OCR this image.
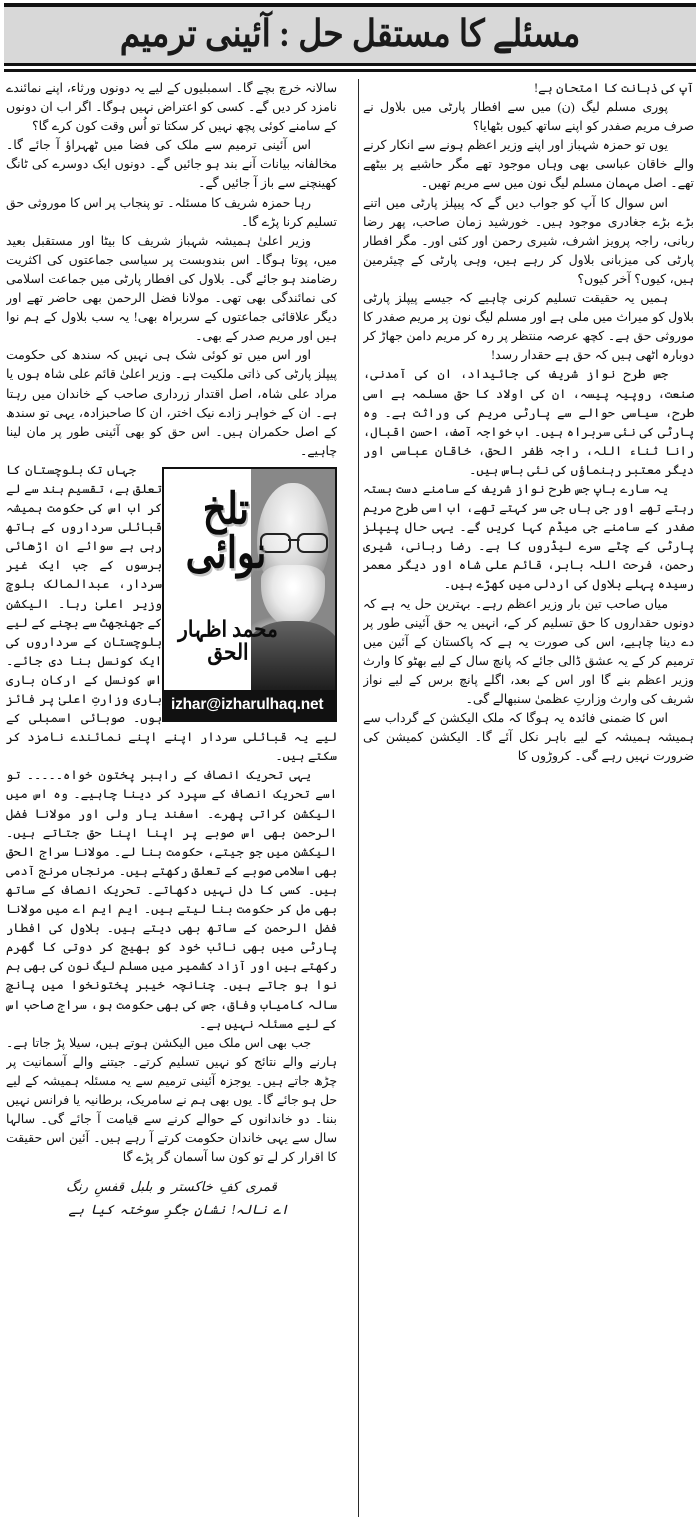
مسئلے کا مستقل حل : آئینی ترمیم

آپ کی ذہانت کا امتحان ہے!

پوری مسلم لیگ (ن) میں سے افطار پارٹی میں بلاول نے صرف مریم صفدر کو اپنے ساتھ کیوں بٹھایا؟

یوں تو حمزہ شہباز اور اپنے وزیر اعظم ہونے سے انکار کرنے والے خاقان عباسی بھی وہاں موجود تھے مگر حاشیے پر بیٹھے تھے۔ اصل مہمان مسلم لیگ نون میں سے مریم تھیں۔

اس سوال کا آپ کو جواب دیں گے کہ پیپلز پارٹی میں اتنے بڑے بڑے جغادری موجود ہیں۔ خورشید زمان صاحب، پھر رضا ربانی، راجہ پرویز اشرف، شیری رحمن اور کئی اور۔ مگر افطار پارٹی کی میزبانی بلاول کر رہے ہیں، وہی پارٹی کے چیئرمین ہیں، کیوں؟ آخر کیوں؟

ہمیں یہ حقیقت تسلیم کرنی چاہیے کہ جیسے پیپلز پارٹی بلاول کو میراث میں ملی ہے اور مسلم لیگ نون پر مریم صفدر کا موروثی حق ہے۔ کچھ عرصہ منتظر پر رہ کر مریم دامن جھاڑ کر دوبارہ اٹھی ہیں کہ حق ہے حقدار رسد!

جس طرح نواز شریف کی جائیداد، ان کی آمدنی، صنعت، روپیہ پیسہ، ان کی اولاد کا حق مسلمہ ہے اسی طرح، سیاسی حوالے سے پارٹی مریم کی وراثت ہے۔ وہ پارٹی کی نئی سربراہ ہیں۔ اب خواجہ آصف، احسن اقبال، رانا ثناء اللہ، راجہ ظفر الحق، خاقان عباسی اور دیگر معتبر رہنماؤں کی نئی باس ہیں۔

یہ سارے باپ جس طرح نواز شریف کے سامنے دست بستہ رہتے تھے اور جی ہاں جی سر کہتے تھے، اب اسی طرح مریم صفدر کے سامنے جی میڈم کہا کریں گے۔ یہی حال پیپلز پارٹی کے چٹے سرے لیڈروں کا ہے۔ رضا ربانی، شیری رحمن، فرحت اللہ بابر، قائم علی شاہ اور دیگر معمر رسیدہ پہلے بلاول کی اردلی میں کھڑے ہیں۔

میاں صاحب تین بار وزیر اعظم رہے۔ بہترین حل یہ ہے کہ دونوں حقداروں کا حق تسلیم کر کے، انہیں یہ حق آئینی طور پر دے دینا چاہیے، اس کی صورت یہ ہے کہ پاکستان کے آئین میں ترمیم کر کے یہ عشق ڈالی جائے کہ پانچ سال کے لیے بھٹو کا وارث وزیر اعظم بنے گا اور اس کے بعد، اگلے پانچ برس کے لیے نواز شریف کی وارث وزارتِ عظمیٰ سنبھالے گی۔

اس کا ضمنی فائدہ یہ ہوگا کہ ملک الیکشن کے گرداب سے ہمیشہ ہمیشہ کے لیے باہر نکل آئے گا۔ الیکشن کمیشن کی ضرورت نہیں رہے گی۔ کروڑوں کا

سالانہ خرچ بچے گا۔ اسمبلیوں کے لیے یہ دونوں ورثاء، اپنے نمائندے نامزد کر دیں گے۔ کسی کو اعتراض نہیں ہوگا۔ اگر اب ان دونوں کے سامنے کوئی پچھ نہیں کر سکتا تو اُس وقت کون کرے گا؟

اس آئینی ترمیم سے ملک کی فضا میں ٹھہراؤ آ جائے گا۔ مخالفانہ بیانات آنے بند ہو جائیں گے۔ دونوں ایک دوسرے کی ٹانگ کھینچنے سے باز آ جائیں گے۔

رہا حمزہ شریف کا مسئلہ۔ تو پنجاب پر اس کا موروثی حق تسلیم کرنا پڑے گا۔

وزیر اعلیٰ ہمیشہ شہباز شریف کا بیٹا اور مستقبل بعید میں، پوتا ہوگا۔ اس بندوبست پر سیاسی جماعتوں کی اکثریت رضامند ہو جائے گی۔ بلاول کی افطار پارٹی میں جماعت اسلامی کی نمائندگی بھی تھی۔ مولانا فضل الرحمن بھی حاضر تھے اور دیگر علاقائی جماعتوں کے سربراہ بھی! یہ سب بلاول کے ہم نوا ہیں اور مریم صدر کے بھی۔

اور اس میں تو کوئی شک ہی نہیں کہ سندھ کی حکومت پیپلز پارٹی کی ذاتی ملکیت ہے۔ وزیر اعلیٰ قائم علی شاہ ہوں یا مراد علی شاہ، اصل اقتدار زرداری صاحب کے خاندان میں رہتا ہے۔ ان کے خواہر زادے نیک اختر، ان کا صاحبزادہ، یہی تو سندھ کے اصل حکمران ہیں۔ اس حق کو بھی آئینی طور پر مان لینا چاہیے۔

تلخ نوائی
محمد اظہار الحق
izhar@izharulhaq.net

جہاں تک بلوچستان کا تعلق ہے، تقسیم ہند سے لے کر اب اس کی حکومت ہمیشہ قبائلی سرداروں کے ہاتھ رہی ہے سوائے ان اڑھائی برسوں کے جب ایک غیر سردار، عبدالمالک بلوچ وزیر اعلیٰ رہا۔ الیکشن کے جھنجھٹ سے بچنے کے لیے بلوچستان کے سرداروں کی ایک کونسل بنا دی جائے۔ اس کونسل کے ارکان باری باری وزارتِ اعلیٰ پر فائز ہوں۔ صوبائی اسمبلی کے لیے یہ قبائلی سردار اپنے اپنے نمائندے نامزد کر سکتے ہیں۔

یہی تحریک انصاف کے راہبر پختون خواہ۔۔۔۔۔ تو اسے تحریک انصاف کے سپرد کر دینا چاہیے۔ وہ اس میں الیکشن کراتی پھرے۔ اسفند یار ولی اور مولانا فضل الرحمن بھی اس صوبے پر اپنا اپنا حق جتاتے ہیں۔ الیکشن میں جو جیتے، حکومت بنا لے۔ مولانا سراج الحق بھی اسلامی صوبے کے تعلق رکھتے ہیں۔ مرنجاں مرنج آدمی ہیں۔ کسی کا دل نہیں دکھاتے۔ تحریک انصاف کے ساتھ بھی مل کر حکومت بنا لیتے ہیں۔ ایم ایم اے میں مولانا فضل الرحمن کے ساتھ بھی دیتے ہیں۔ بلاول کی افطار پارٹی میں بھی نائب خود کو بھیج کر دوتی کا گھرم رکھتے ہیں اور آزاد کشمیر میں مسلم لیگ نون کی بھی ہم نوا ہو جاتے ہیں۔ چنانچہ خیبر پختونخوا میں پانچ سالہ کامیاب وفاق، جس کی بھی حکومت ہو، سراج صاحب اس کے لیے مسئلہ نہیں ہے۔

جب بھی اس ملک میں الیکشن ہوتے ہیں، سیلا پڑ جاتا ہے۔ ہارنے والے نتائج کو نہیں تسلیم کرتے۔ جیتنے والے آسمانیت پر چڑھ جاتے ہیں۔ یوجزہ آئینی ترمیم سے یہ مسئلہ ہمیشہ کے لیے حل ہو جائے گا۔ یوں بھی ہم نے سامریک، برطانیہ یا فرانس نہیں بننا۔ دو خاندانوں کے حوالے کرنے سے قیامت آ جائے گی۔ سالہا سال سے یہی خاندان حکومت کرتے آ رہے ہیں۔ آئین اس حقیقت کا اقرار کر لے تو کون سا آسمان گر پڑے گا

قمری کفِ خاکستر و بلبل قفسِ رنگ
اے نالہ! نشانِ جگرِ سوختہ کیا ہے
